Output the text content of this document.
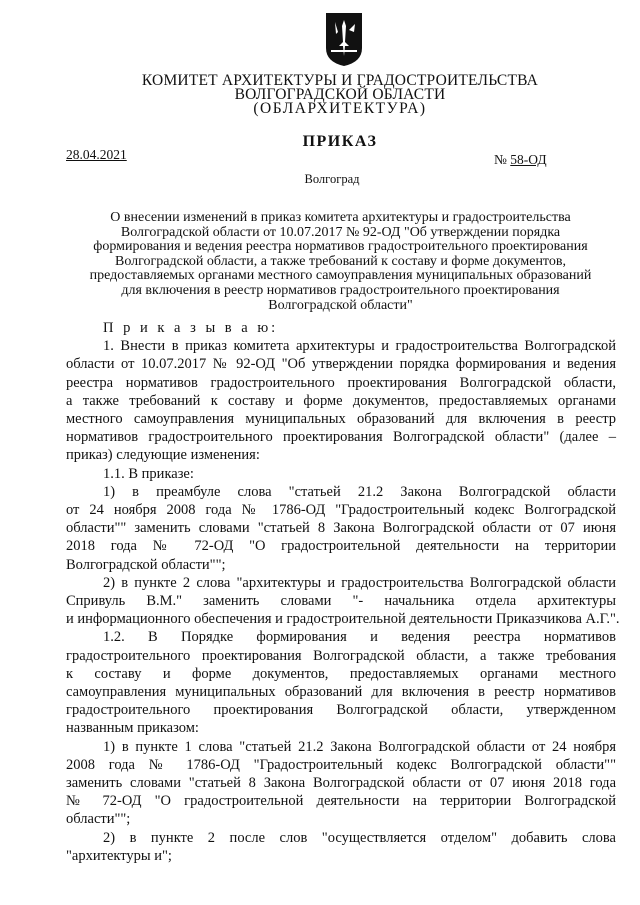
КОМИТЕТ АРХИТЕКТУРЫ И ГРАДОСТРОИТЕЛЬСТВА
ВОЛГОГРАДСКОЙ ОБЛАСТИ
(ОБЛАРХИТЕКТУРА)
ПРИКАЗ
28.04.2021	№ 58-ОД
Волгоград
О внесении изменений в приказ комитета архитектуры и градостроительства
Волгоградской области от 10.07.2017 № 92-ОД "Об утверждении порядка
формирования и ведения реестра нормативов градостроительного проектирования
Волгоградской области, а также требований к составу и форме документов,
предоставляемых органами местного самоуправления муниципальных образований
для включения в реестр нормативов градостроительного проектирования
Волгоградской области"
П р и к а з ы в а ю:
1. Внести в приказ комитета архитектуры и градостроительства Волгоградской
области от 10.07.2017 № 92-ОД "Об утверждении порядка формирования и ведения
реестра нормативов градостроительного проектирования Волгоградской области,
а также требований к составу и форме документов, предоставляемых органами
местного самоуправления муниципальных образований для включения в реестр
нормативов градостроительного проектирования Волгоградской области" (далее –
приказ) следующие изменения:
1.1. В приказе:
1) в преамбуле слова "статьей 21.2 Закона Волгоградской области
от 24 ноября 2008 года № 1786-ОД "Градостроительный кодекс Волгоградской
области"" заменить словами "статьей 8 Закона Волгоградской области от 07 июня
2018 года № 72-ОД "О градостроительной деятельности на территории
Волгоградской области"";
2) в пункте 2 слова "архитектуры и градостроительства Волгоградской области
Спривуль В.М." заменить словами "- начальника отдела архитектуры
и информационного обеспечения и градостроительной деятельности Приказчикова А.Г.".
1.2. В Порядке формирования и ведения реестра нормативов
градостроительного проектирования Волгоградской области, а также требования
к составу и форме документов, предоставляемых органами местного
самоуправления муниципальных образований для включения в реестр нормативов
градостроительного проектирования Волгоградской области, утвержденном
названным приказом:
1) в пункте 1 слова "статьей 21.2 Закона Волгоградской области от 24 ноября
2008 года № 1786-ОД "Градостроительный кодекс Волгоградской области""
заменить словами "статьей 8 Закона Волгоградской области от 07 июня 2018 года
№ 72-ОД "О градостроительной деятельности на территории Волгоградской
области"";
2) в пункте 2 после слов "осуществляется отделом" добавить слова
"архитектуры и";
